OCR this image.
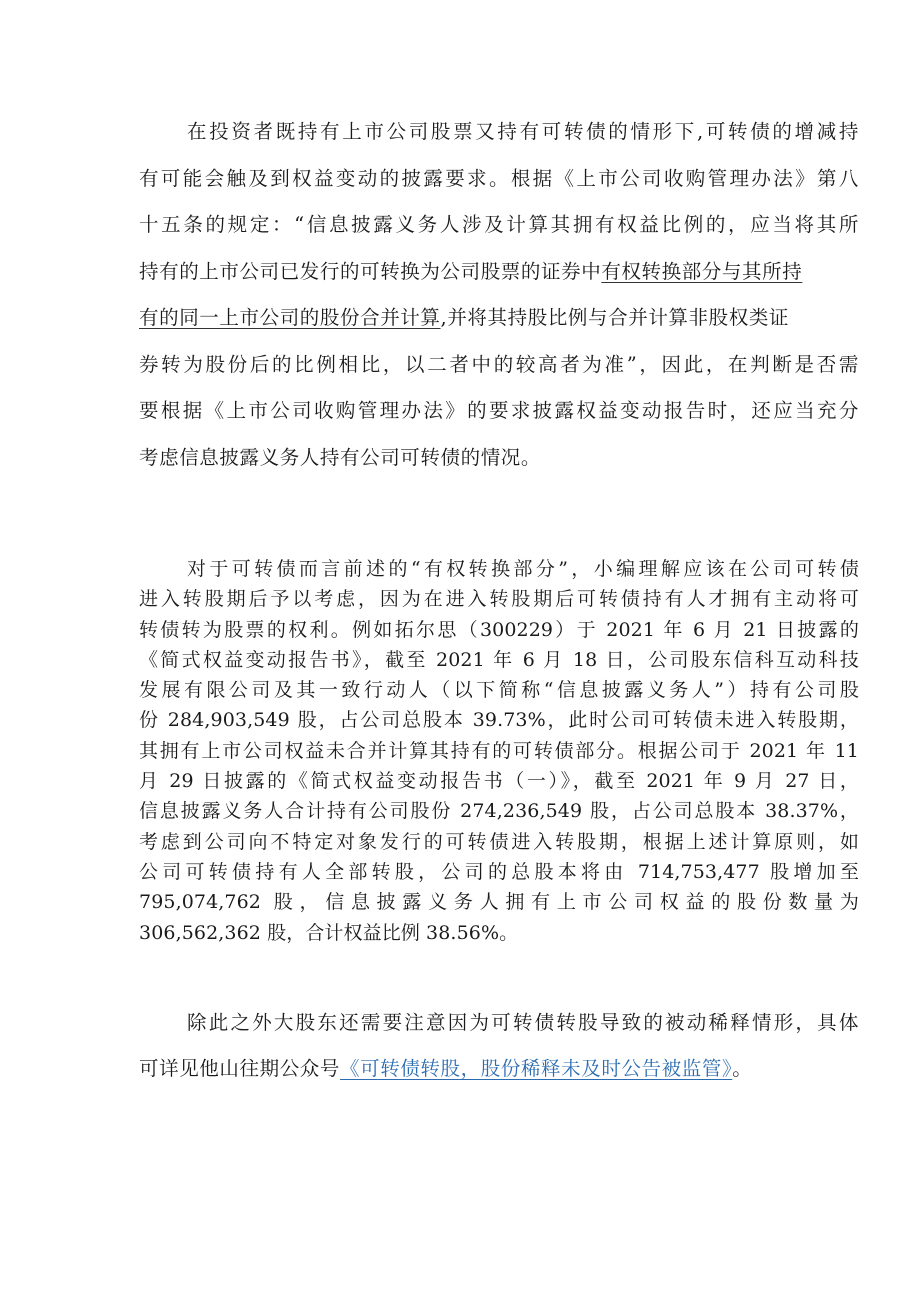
在投资者既持有上市公司股票又持有可转债的情形下,可转债的增减持
有可能会触及到权益变动的披露要求。根据《上市公司收购管理办法》第八
十五条的规定：“信息披露义务人涉及计算其拥有权益比例的，应当将其所
持有的上市公司已发行的可转换为公司股票的证券中有权转换部分与其所持
有的同一上市公司的股份合并计算,并将其持股比例与合并计算非股权类证
券转为股份后的比例相比，以二者中的较高者为准”，因此，在判断是否需
要根据《上市公司收购管理办法》的要求披露权益变动报告时，还应当充分
考虑信息披露义务人持有公司可转债的情况。
对于可转债而言前述的“有权转换部分”，小编理解应该在公司可转债
进入转股期后予以考虑，因为在进入转股期后可转债持有人才拥有主动将可
转债转为股票的权利。例如拓尔思（300229）于 2021 年 6 月 21 日披露的
《简式权益变动报告书》，截至 2021 年 6 月 18 日，公司股东信科互动科技
发展有限公司及其一致行动人（以下简称“信息披露义务人”）持有公司股
份 284,903,549 股，占公司总股本 39.73%，此时公司可转债未进入转股期，
其拥有上市公司权益未合并计算其持有的可转债部分。根据公司于 2021 年 11
月 29 日披露的《简式权益变动报告书（一）》，截至 2021 年 9 月 27 日，
信息披露义务人合计持有公司股份 274,236,549 股，占公司总股本 38.37%，
考虑到公司向不特定对象发行的可转债进入转股期，根据上述计算原则，如
公司可转债持有人全部转股，公司的总股本将由 714,753,477 股增加至
795,074,762 股，信息披露义务人拥有上市公司权益的股份数量为
306,562,362 股，合计权益比例 38.56%。
除此之外大股东还需要注意因为可转债转股导致的被动稀释情形，具体
可详见他山往期公众号《可转债转股，股份稀释未及时公告被监管》。
